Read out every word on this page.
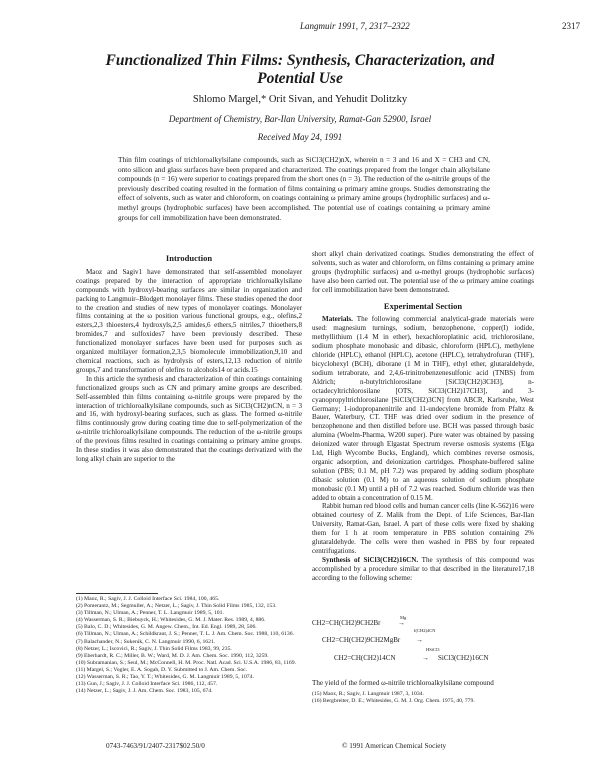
Langmuir 1991, 7, 2317–2322	2317
Functionalized Thin Films: Synthesis, Characterization, and
Potential Use
Shlomo Margel,* Orit Sivan, and Yehudit Dolitzky
Department of Chemistry, Bar-Ilan University, Ramat-Gan 52900, Israel
Received May 24, 1991
Thin film coatings of trichloroalkylsilane compounds, such as SiCl3(CH2)nX, wherein n = 3 and 16 and X = CH3 and CN, onto silicon and glass surfaces have been prepared and characterized. The coatings prepared from the longer chain alkylsilane compounds (n = 16) were superior to coatings prepared from the short ones (n = 3). The reduction of the ω-nitrile groups of the previously described coating resulted in the formation of films containing ω primary amine groups. Studies demonstrating the effect of solvents, such as water and chloroform, on coatings containing ω primary amine groups (hydrophilic surfaces) and ω-methyl groups (hydrophobic surfaces) have been accomplished. The potential use of coatings containing ω primary amine groups for cell immobilization have been demonstrated.
Introduction

Maoz and Sagiv1 have demonstrated that self-assembled monolayer coatings prepared by the interaction of appropriate trichloroalkylsilane compounds with hydroxyl-bearing surfaces are similar in organization and packing to Langmuir–Blodgett monolayer films. These studies opened the door to the creation and studies of new types of monolayer coatings. Monolayer films containing at the ω position various functional groups, e.g., olefins,2 esters,2,3 thioesters,4 hydroxyls,2,5 amides,6 ethers,5 nitriles,7 thioethers,8 bromides,7 and sulfoxides7 have been previously described. These functionalized monolayer surfaces have been used for purposes such as organized multilayer formation,2,3,5 biomolecule immobilization,9,10 and chemical reactions, such as hydrolysis of esters,12,13 reduction of nitrile groups,7 and transformation of olefins to alcohols14 or acids.15

In this article the synthesis and characterization of thin coatings containing functionalized groups such as CN and primary amine groups are described. Self-assembled thin films containing ω-nitrile groups were prepared by the interaction of trichloroalkylsilane compounds, such as SiCl3(CH2)nCN, n = 3 and 16, with hydroxyl-bearing surfaces, such as glass. The formed ω-nitrile films continuously grow during coating time due to self-polymerization of the ω-nitrile trichloroalkylsilane compounds. The reduction of the ω-nitrile groups of the previous films resulted in coatings containing ω primary amine groups. In these studies it was also demonstrated that the coatings derivatized with the long alkyl chain are superior to the

(1) Maoz, R.; Sagiv, J. J. Colloid Interface Sci. 1984, 100, 465.
(2) Pomerantz, M.; Segmuller, A.; Netzer, L.; Sagiv, J. Thin Solid Films 1985, 132, 153.
(3) Tillman, N.; Ulman, A.; Penner, T. L. Langmuir 1989, 5, 101.
(4) Wasserman, S. R.; Biebuyck, H.; Whitesides, G. M. J. Mater. Res. 1989, 4, 886.
(5) Balo, C. D.; Whitesides, G. M. Angew. Chem., Int. Ed. Engl. 1989, 28, 506.
(6) Tillman, N.; Ulman, A.; Schildkraut, J. S.; Penner, T. L. J. Am. Chem. Soc. 1988, 110, 6136.
(7) Balachander, N.; Sukenik, C. N. Langmuir 1990, 6, 1621.
(8) Netzer, L.; Iscovici, R.; Sagiv, J. Thin Solid Films 1983, 99, 235.
(9) Eberhardt, R. C.; Miller, B. W.; Ward, M. D. J. Am. Chem. Soc. 1990, 112, 3259.
(10) Subramanian, S.; Seul, M.; McConnell, H. M. Proc. Natl. Acad. Sci. U.S.A. 1986, 83, 1169.
(11) Margel, S.; Vogler, E. A. Sogah, D. Y. Submitted to J. Am. Chem. Soc.
(12) Wasserman, S. R.; Tao, Y. T.; Whitesides, G. M. Langmuir 1989, 5, 1074.
(13) Gun, J.; Sagiv, J. J. Colloid Interface Sci. 1986, 112, 457.
(14) Netzer, L.; Sagiv, J. J. Am. Chem. Soc. 1983, 105, 674.

short alkyl chain derivatized coatings. Studies demonstrating the effect of solvents, such as water and chloroform, on films containing ω primary amine groups (hydrophilic surfaces) and ω-methyl groups (hydrophobic surfaces) have also been carried out. The potential use of the ω primary amine coatings for cell immobilization have been demonstrated.

Experimental Section

Materials. The following commercial analytical-grade materials were used: magnesium turnings, sodium, benzophenone, copper(I) iodide, methyllithium (1.4 M in ether), hexachloroplatinic acid, trichlorosilane, sodium phosphate monobasic and dibasic, chloroform (HPLC), methylene chloride (HPLC), ethanol (HPLC), acetone (HPLC), tetrahydrofuran (THF), bicyclohexyl (BCH), diborane (1 M in THF), ethyl ether, glutaraldehyde, sodium tetraborate, and 2,4,6-trinitrobenzenesulfonic acid (TNBS) from Aldrich; n-butyltrichlorosilane [SiCl3(CH2)3CH3], n-octadecyltrichlorosilane [OTS, SiCl3(CH2)17CH3], and 3-cyanopropyltrichlorosilane [SiCl3(CH2)3CN] from ABCR, Karlsruhe, West Germany; 1-iodopropanenitrile and 11-undecylene bromide from Pfaltz & Bauer, Waterbury, CT. THF was dried over sodium in the presence of benzophenone and then distilled before use. BCH was passed through basic alumina (Woelm-Pharma, W200 super). Pure water was obtained by passing deionized water through Elgastat Spectrum reverse osmosis systems (Elga Ltd, High Wycombe Bucks, England), which combines reverse osmosis, organic adsorption, and deionization cartridges. Phosphate-buffered saline solution (PBS; 0.1 M, pH 7.2) was prepared by adding sodium phosphate dibasic solution (0.1 M) to an aqueous solution of sodium phosphate monobasic (0.1 M) until a pH of 7.2 was reached. Sodium chloride was then added to obtain a concentration of 0.15 M.

Rabbit human red blood cells and human cancer cells (line K-562)16 were obtained courtesy of Z. Malik from the Dept. of Life Sciences, Bar-Ilan University, Ramat-Gan, Israel. A part of these cells were fixed by shaking them for 1 h at room temperature in PBS solution containing 2% glutaraldehyde. The cells were then washed in PBS by four repeated centrifugations.

Synthesis of SiCl3(CH2)16CN. The synthesis of this compound was accomplished by a procedure similar to that described in the literature17,18 according to the following scheme:

CH2=CH(CH2)9CH2Br
Mg
→
I(CH2)4CN
CH2=CH(CH2)9CH2MgBr →
HSiCl3
CH2=CH(CH2)14CN	→ SiCl3(CH2)16CN
The yield of the formed ω-nitrile trichloroalkylsilane compound
(15) Maoz, R.; Sagiv, J. Langmuir 1987, 3, 1034.
(16) Bergbreiter, D. E.; Whitesides, G. M. J. Org. Chem. 1975, 40, 779.
0743-7463/91/2407-2317$02.50/0	© 1991 American Chemical Society
